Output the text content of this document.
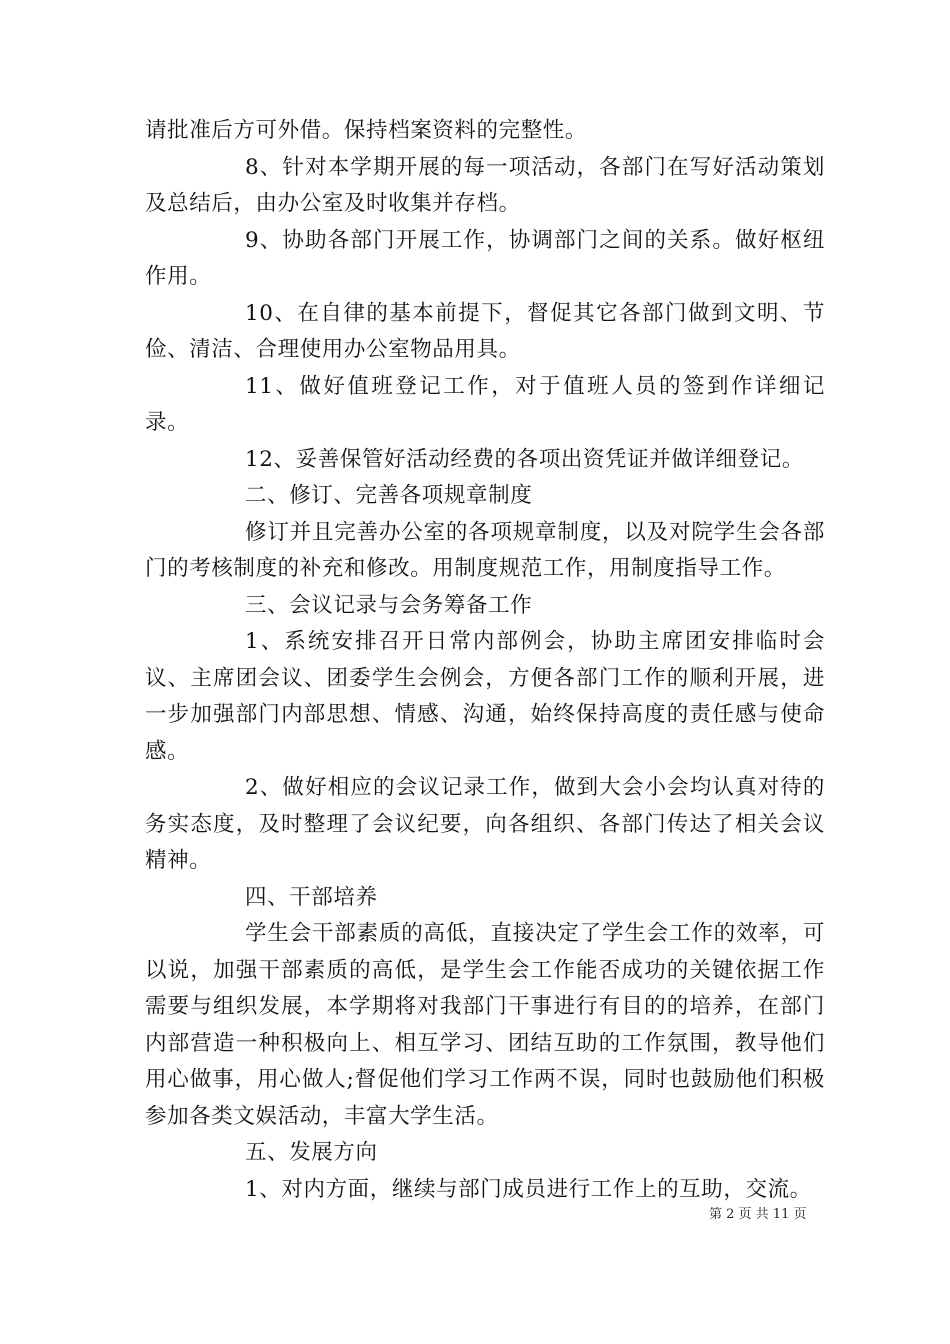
请批准后方可外借。保持档案资料的完整性。

8、针对本学期开展的每一项活动，各部门在写好活动策划及总结后，由办公室及时收集并存档。

9、协助各部门开展工作，协调部门之间的关系。做好枢纽作用。

10、在自律的基本前提下，督促其它各部门做到文明、节俭、清洁、合理使用办公室物品用具。

11、做好值班登记工作，对于值班人员的签到作详细记录。

12、妥善保管好活动经费的各项出资凭证并做详细登记。

二、修订、完善各项规章制度

修订并且完善办公室的各项规章制度，以及对院学生会各部门的考核制度的补充和修改。用制度规范工作，用制度指导工作。

三、会议记录与会务筹备工作

1、系统安排召开日常内部例会，协助主席团安排临时会议、主席团会议、团委学生会例会，方便各部门工作的顺利开展，进一步加强部门内部思想、情感、沟通，始终保持高度的责任感与使命感。

2、做好相应的会议记录工作，做到大会小会均认真对待的务实态度，及时整理了会议纪要，向各组织、各部门传达了相关会议精神。

四、干部培养

学生会干部素质的高低，直接决定了学生会工作的效率，可以说，加强干部素质的高低，是学生会工作能否成功的关键依据工作需要与组织发展，本学期将对我部门干事进行有目的的培养，在部门内部营造一种积极向上、相互学习、团结互助的工作氛围，教导他们用心做事，用心做人;督促他们学习工作两不误，同时也鼓励他们积极参加各类文娱活动，丰富大学生活。

五、发展方向

1、对内方面，继续与部门成员进行工作上的互助，交流。

第 2 页 共 11 页
